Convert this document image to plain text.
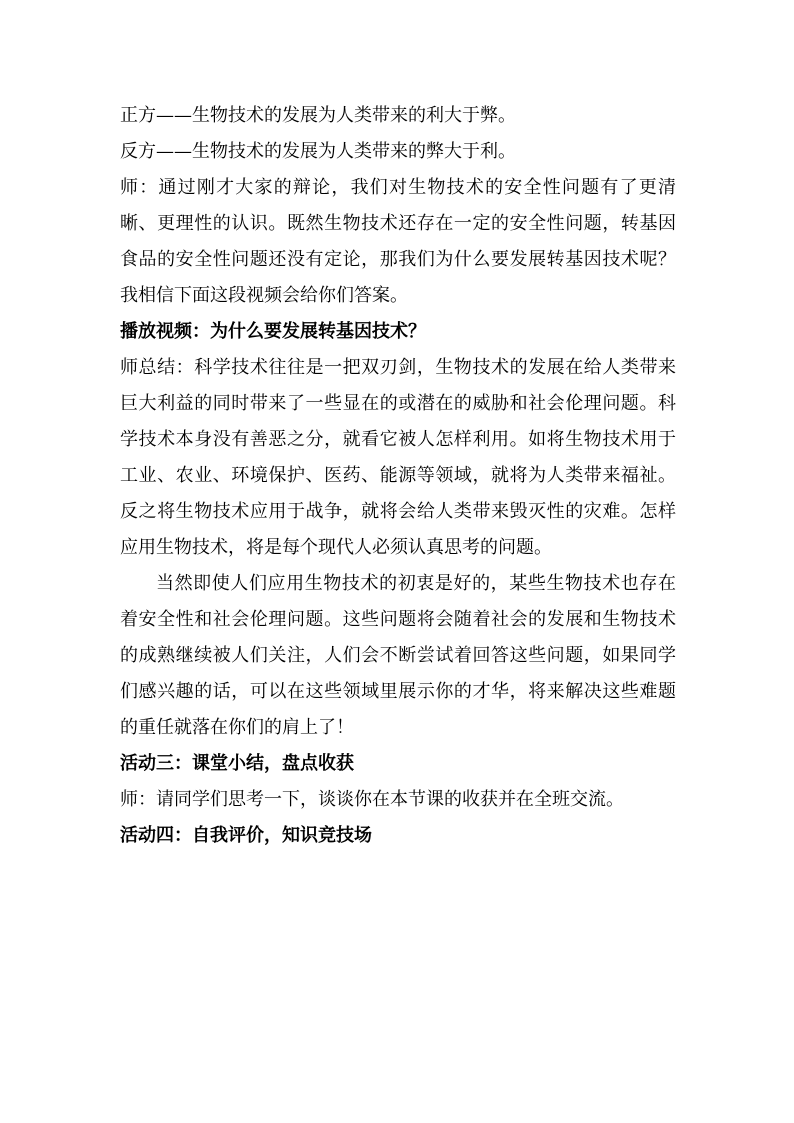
正方——生物技术的发展为人类带来的利大于弊。

反方——生物技术的发展为人类带来的弊大于利。

师：通过刚才大家的辩论，我们对生物技术的安全性问题有了更清晰、更理性的认识。既然生物技术还存在一定的安全性问题，转基因食品的安全性问题还没有定论，那我们为什么要发展转基因技术呢？我相信下面这段视频会给你们答案。

播放视频：为什么要发展转基因技术？

师总结：科学技术往往是一把双刃剑，生物技术的发展在给人类带来巨大利益的同时带来了一些显在的或潜在的威胁和社会伦理问题。科学技术本身没有善恶之分，就看它被人怎样利用。如将生物技术用于工业、农业、环境保护、医药、能源等领域，就将为人类带来福祉。反之将生物技术应用于战争，就将会给人类带来毁灭性的灾难。怎样应用生物技术，将是每个现代人必须认真思考的问题。

当然即使人们应用生物技术的初衷是好的，某些生物技术也存在着安全性和社会伦理问题。这些问题将会随着社会的发展和生物技术的成熟继续被人们关注，人们会不断尝试着回答这些问题，如果同学们感兴趣的话，可以在这些领域里展示你的才华，将来解决这些难题的重任就落在你们的肩上了！

活动三：课堂小结，盘点收获

师：请同学们思考一下，谈谈你在本节课的收获并在全班交流。

活动四：自我评价，知识竞技场
